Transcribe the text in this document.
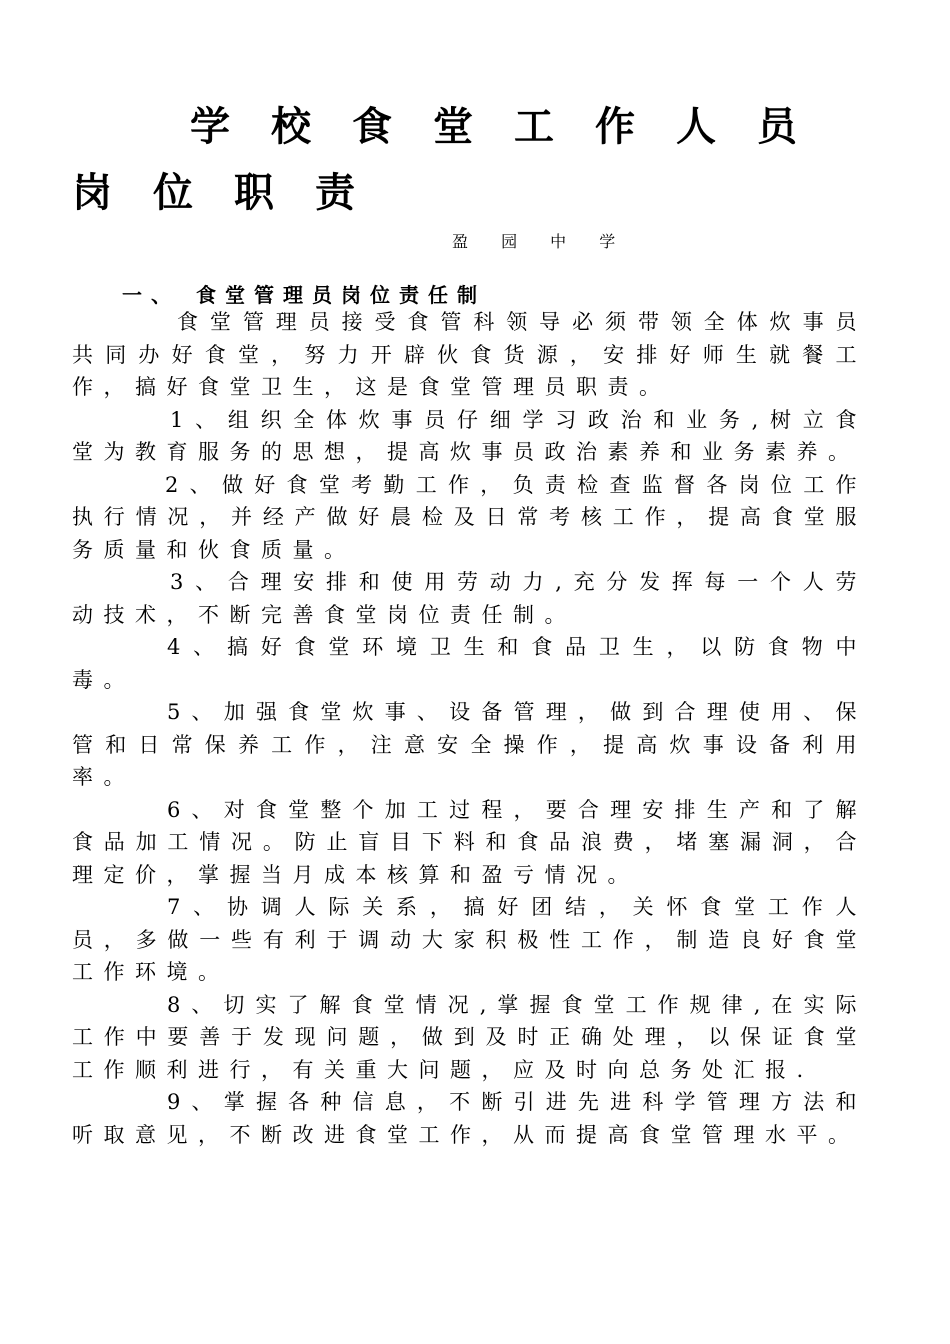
学校食堂工作人员
岗位职责
盈 园 中 学
一、 食堂管理员岗位责任制

食堂管理员接受食管科领导必须带领全体炊事员共同办好食堂，努力开辟伙食货源，安排好师生就餐工作，搞好食堂卫生，这是食堂管理员职责。

1、组织全体炊事员仔细学习政治和业务,树立食堂为教育服务的思想，提高炊事员政治素养和业务素养。

2、做好食堂考勤工作，负责检查监督各岗位工作执行情况，并经产做好晨检及日常考核工作，提高食堂服务质量和伙食质量。

3、合理安排和使用劳动力,充分发挥每一个人劳动技术，不断完善食堂岗位责任制。

4、搞好食堂环境卫生和食品卫生，以防食物中毒。

5、加强食堂炊事、设备管理，做到合理使用、保管和日常保养工作，注意安全操作，提高炊事设备利用率。

6、对食堂整个加工过程，要合理安排生产和了解食品加工情况。防止盲目下料和食品浪费，堵塞漏洞，合理定价，掌握当月成本核算和盈亏情况。

7、协调人际关系，搞好团结，关怀食堂工作人员，多做一些有利于调动大家积极性工作，制造良好食堂工作环境。

8、切实了解食堂情况,掌握食堂工作规律,在实际工作中要善于发现问题，做到及时正确处理，以保证食堂工作顺利进行，有关重大问题，应及时向总务处汇报.

9、掌握各种信息，不断引进先进科学管理方法和听取意见，不断改进食堂工作，从而提高食堂管理水平。
